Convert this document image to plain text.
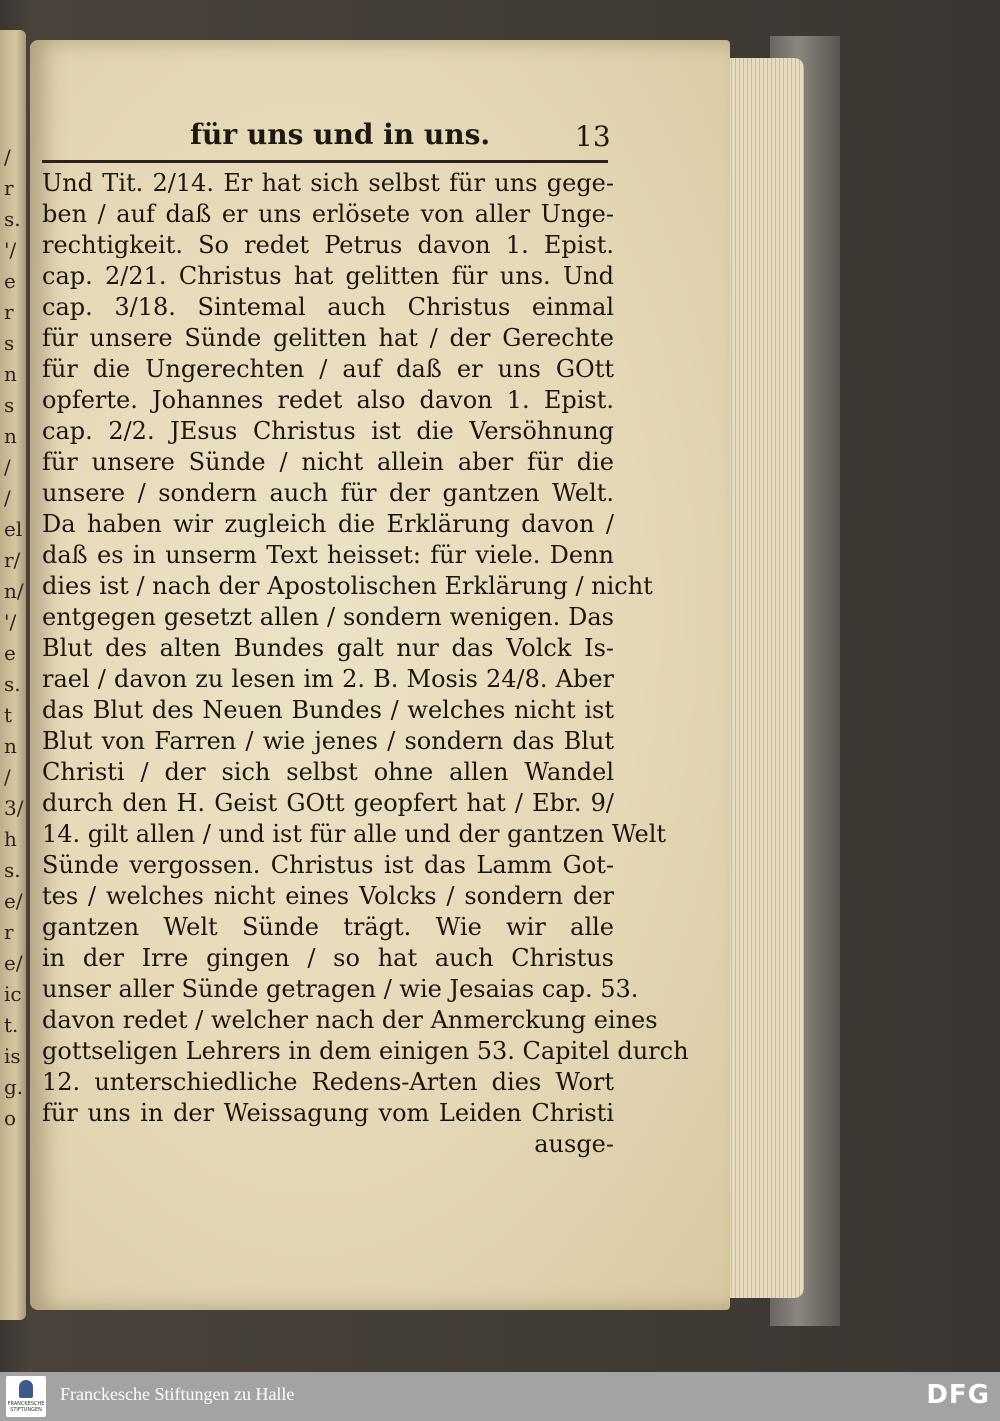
/
r
s.
'/
e
r
s
n
s
n
/
/
el
r/
n/
'/
e
s.
t
n
/
3/
h
s.
e/
r
e/
ic
t.
is
g.
o
für uns und in uns.	13
Und Tit. 2/14. Er hat sich selbst für uns gege-
ben / auf daß er uns erlösete von aller Unge-
rechtigkeit. So redet Petrus davon 1. Epist.
cap. 2/21. Christus hat gelitten für uns. Und
cap. 3/18. Sintemal auch Christus einmal
für unsere Sünde gelitten hat / der Gerechte
für die Ungerechten / auf daß er uns GOtt
opferte. Johannes redet also davon 1. Epist.
cap. 2/2. JEsus Christus ist die Versöhnung
für unsere Sünde / nicht allein aber für die
unsere / sondern auch für der gantzen Welt.
Da haben wir zugleich die Erklärung davon /
daß es in unserm Text heisset: für viele. Denn
dies ist / nach der Apostolischen Erklärung / nicht
entgegen gesetzt allen / sondern wenigen. Das
Blut des alten Bundes galt nur das Volck Is-
rael / davon zu lesen im 2. B. Mosis 24/8. Aber
das Blut des Neuen Bundes / welches nicht ist
Blut von Farren / wie jenes / sondern das Blut
Christi / der sich selbst ohne allen Wandel
durch den H. Geist GOtt geopfert hat / Ebr. 9/
14. gilt allen / und ist für alle und der gantzen Welt
Sünde vergossen. Christus ist das Lamm Got-
tes / welches nicht eines Volcks / sondern der
gantzen Welt Sünde trägt. Wie wir alle
in der Irre gingen / so hat auch Christus
unser aller Sünde getragen / wie Jesaias cap. 53.
davon redet / welcher nach der Anmerckung eines
gottseligen Lehrers in dem einigen 53. Capitel durch
12. unterschiedliche Redens-Arten dies Wort
für uns in der Weissagung vom Leiden Christi
ausge-
FRANCKESCHE
STIFTUNGEN
Franckesche Stiftungen zu Halle	DFG
